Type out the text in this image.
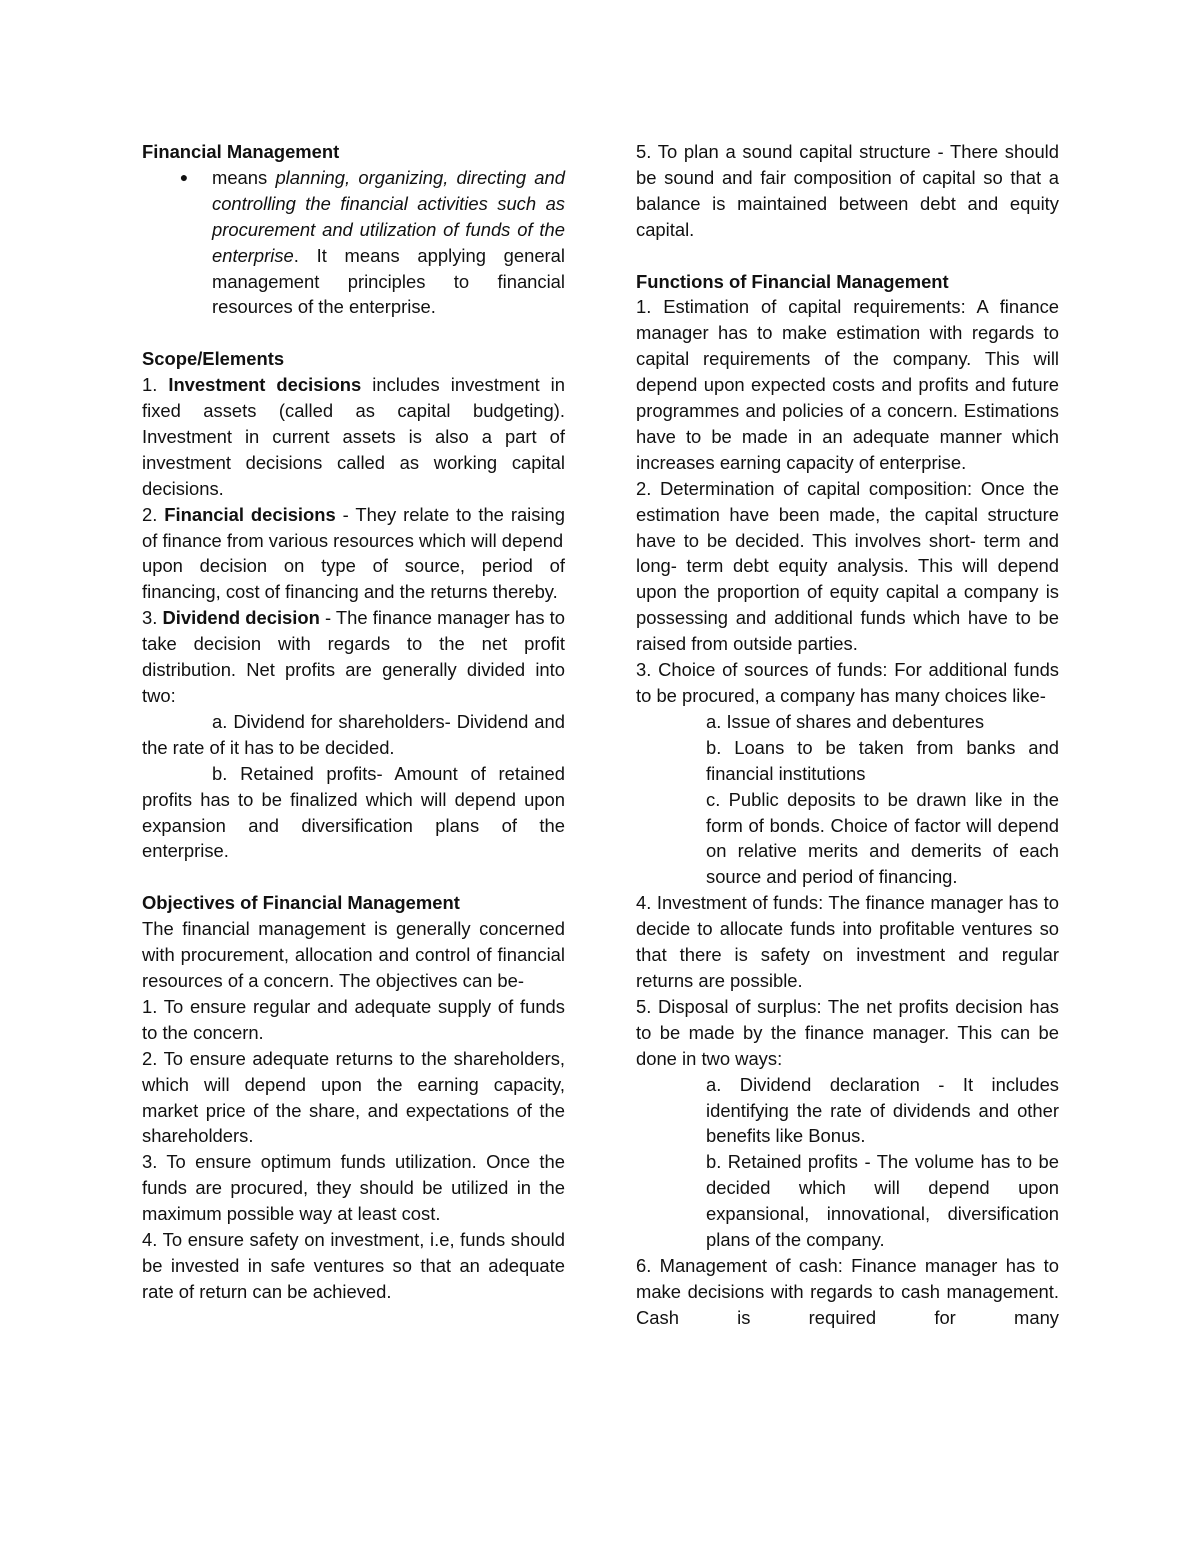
Financial Management

●	means planning, organizing, directing and controlling the financial activities such as procurement and utilization of funds of the enterprise. It means applying general management principles to financial resources of the enterprise.

Scope/Elements

1. Investment decisions includes investment in fixed assets (called as capital budgeting). Investment in current assets is also a part of investment decisions called as working capital decisions.

2. Financial decisions - They relate to the raising of finance from various resources which will depend

upon decision on type of source, period of financing, cost of financing and the returns thereby.

3. Dividend decision - The finance manager has to take decision with regards to the net profit distribution. Net profits are generally divided into two:

a. Dividend for shareholders- Dividend and the rate of it has to be decided.

b. Retained profits- Amount of retained profits has to be finalized which will depend upon expansion and diversification plans of the enterprise.

Objectives of Financial Management

The financial management is generally concerned with procurement, allocation and control of financial resources of a concern. The objectives can be-

1. To ensure regular and adequate supply of funds to the concern.

2. To ensure adequate returns to the shareholders, which will depend upon the earning capacity, market price of the share, and expectations of the shareholders.

3. To ensure optimum funds utilization. Once the funds are procured, they should be utilized in the maximum possible way at least cost.

4. To ensure safety on investment, i.e, funds should be invested in safe ventures so that an adequate rate of return can be achieved.

5. To plan a sound capital structure - There should be sound and fair composition of capital so that a balance is maintained between debt and equity capital.

Functions of Financial Management

1. Estimation of capital requirements: A finance manager has to make estimation with regards to capital requirements of the company. This will depend upon expected costs and profits and future programmes and policies of a concern. Estimations have to be made in an adequate manner which increases earning capacity of enterprise.

2. Determination of capital composition: Once the estimation have been made, the capital structure have to be decided. This involves short- term and long- term debt equity analysis. This will depend upon the proportion of equity capital a company is possessing and additional funds which have to be raised from outside parties.

3. Choice of sources of funds: For additional funds to be procured, a company has many choices like-

a. Issue of shares and debentures

b. Loans to be taken from banks and financial institutions

c. Public deposits to be drawn like in the form of bonds. Choice of factor will depend on relative merits and demerits of each source and period of financing.

4. Investment of funds: The finance manager has to decide to allocate funds into profitable ventures so that there is safety on investment and regular returns are possible.

5. Disposal of surplus: The net profits decision has to be made by the finance manager. This can be done in two ways:

a. Dividend declaration - It includes identifying the rate of dividends and other benefits like Bonus.

b. Retained profits - The volume has to be decided which will depend upon expansional, innovational, diversification plans of the company.

6. Management of cash: Finance manager has to make decisions with regards to cash management. Cash is required for many
